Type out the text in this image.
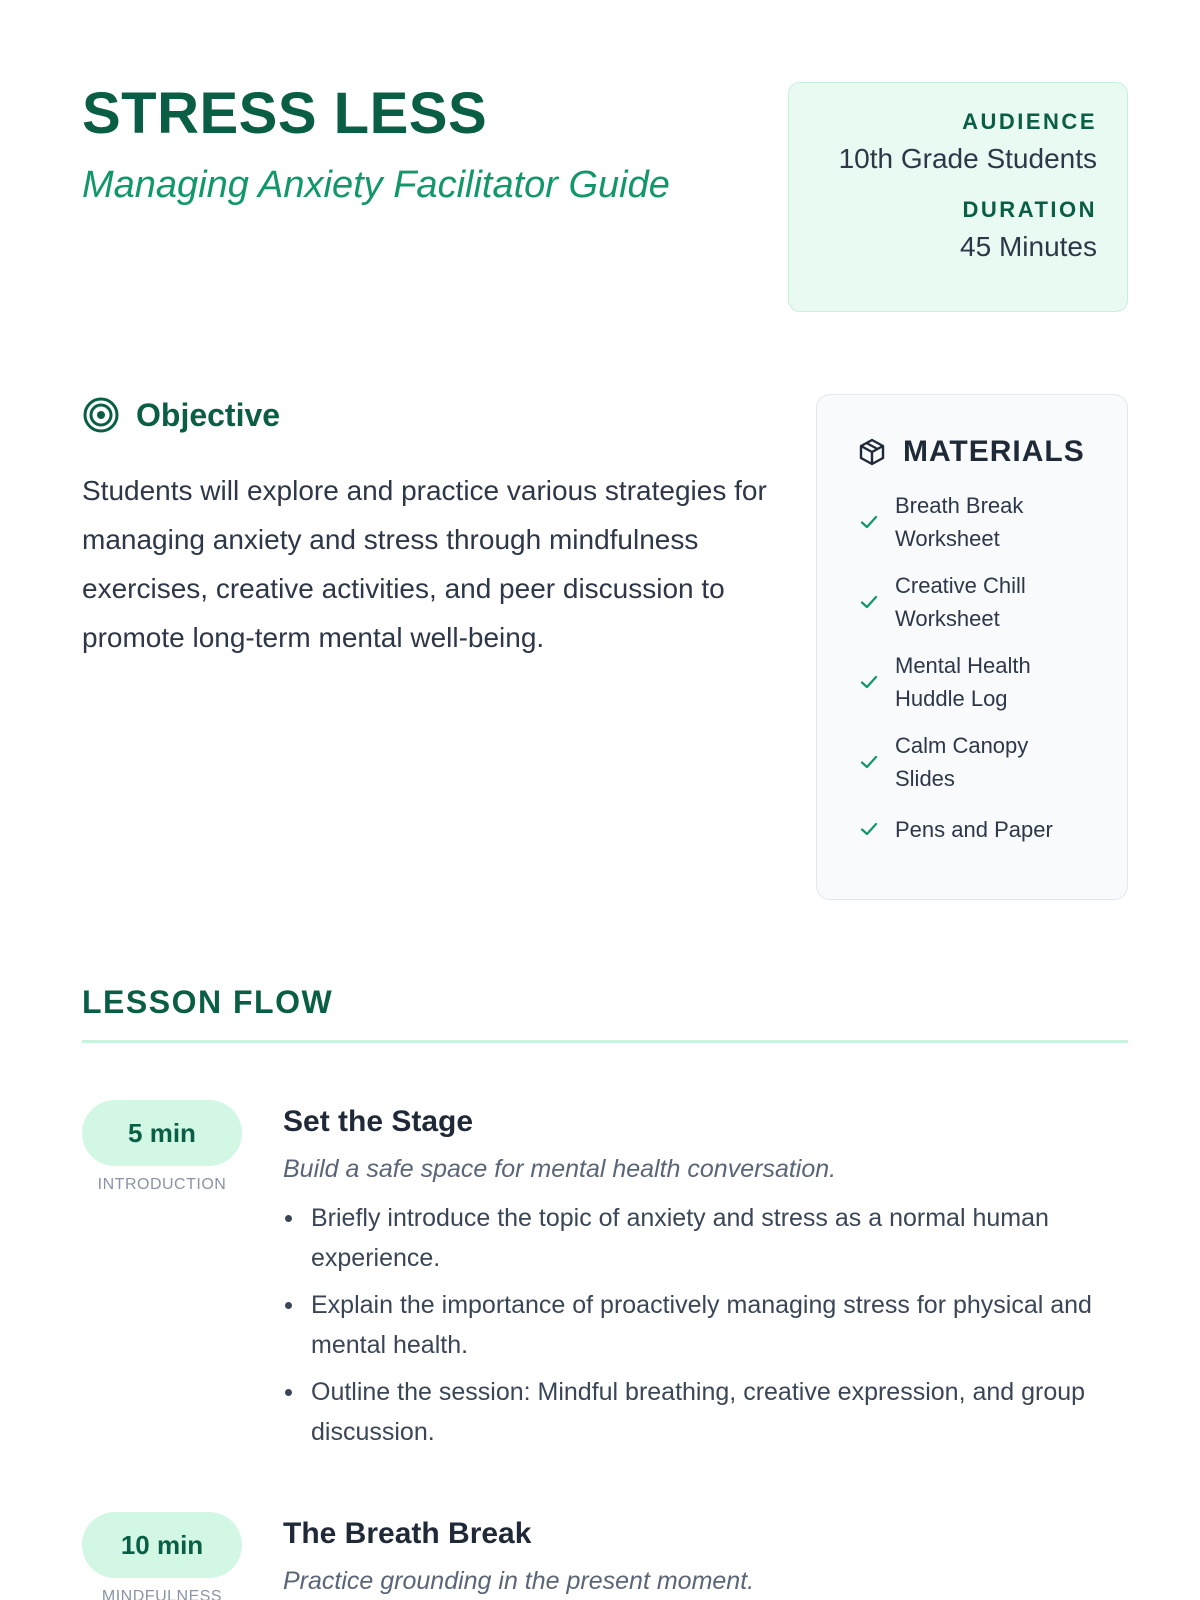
STRESS LESS
Managing Anxiety Facilitator Guide
AUDIENCE
10th Grade Students
DURATION
45 Minutes
Objective

Students will explore and practice various strategies for managing anxiety and stress through mindfulness exercises, creative activities, and peer discussion to promote long-term mental well-being.

MATERIALS
Breath Break Worksheet
Creative Chill Worksheet
Mental Health Huddle Log
Calm Canopy Slides
Pens and Paper
LESSON FLOW
5 min
INTRODUCTION
Set the Stage

Build a safe space for mental health conversation.

Briefly introduce the topic of anxiety and stress as a normal human experience.
Explain the importance of proactively managing stress for physical and mental health.
Outline the session: Mindful breathing, creative expression, and group discussion.
10 min
MINDFULNESS
The Breath Break

Practice grounding in the present moment.
